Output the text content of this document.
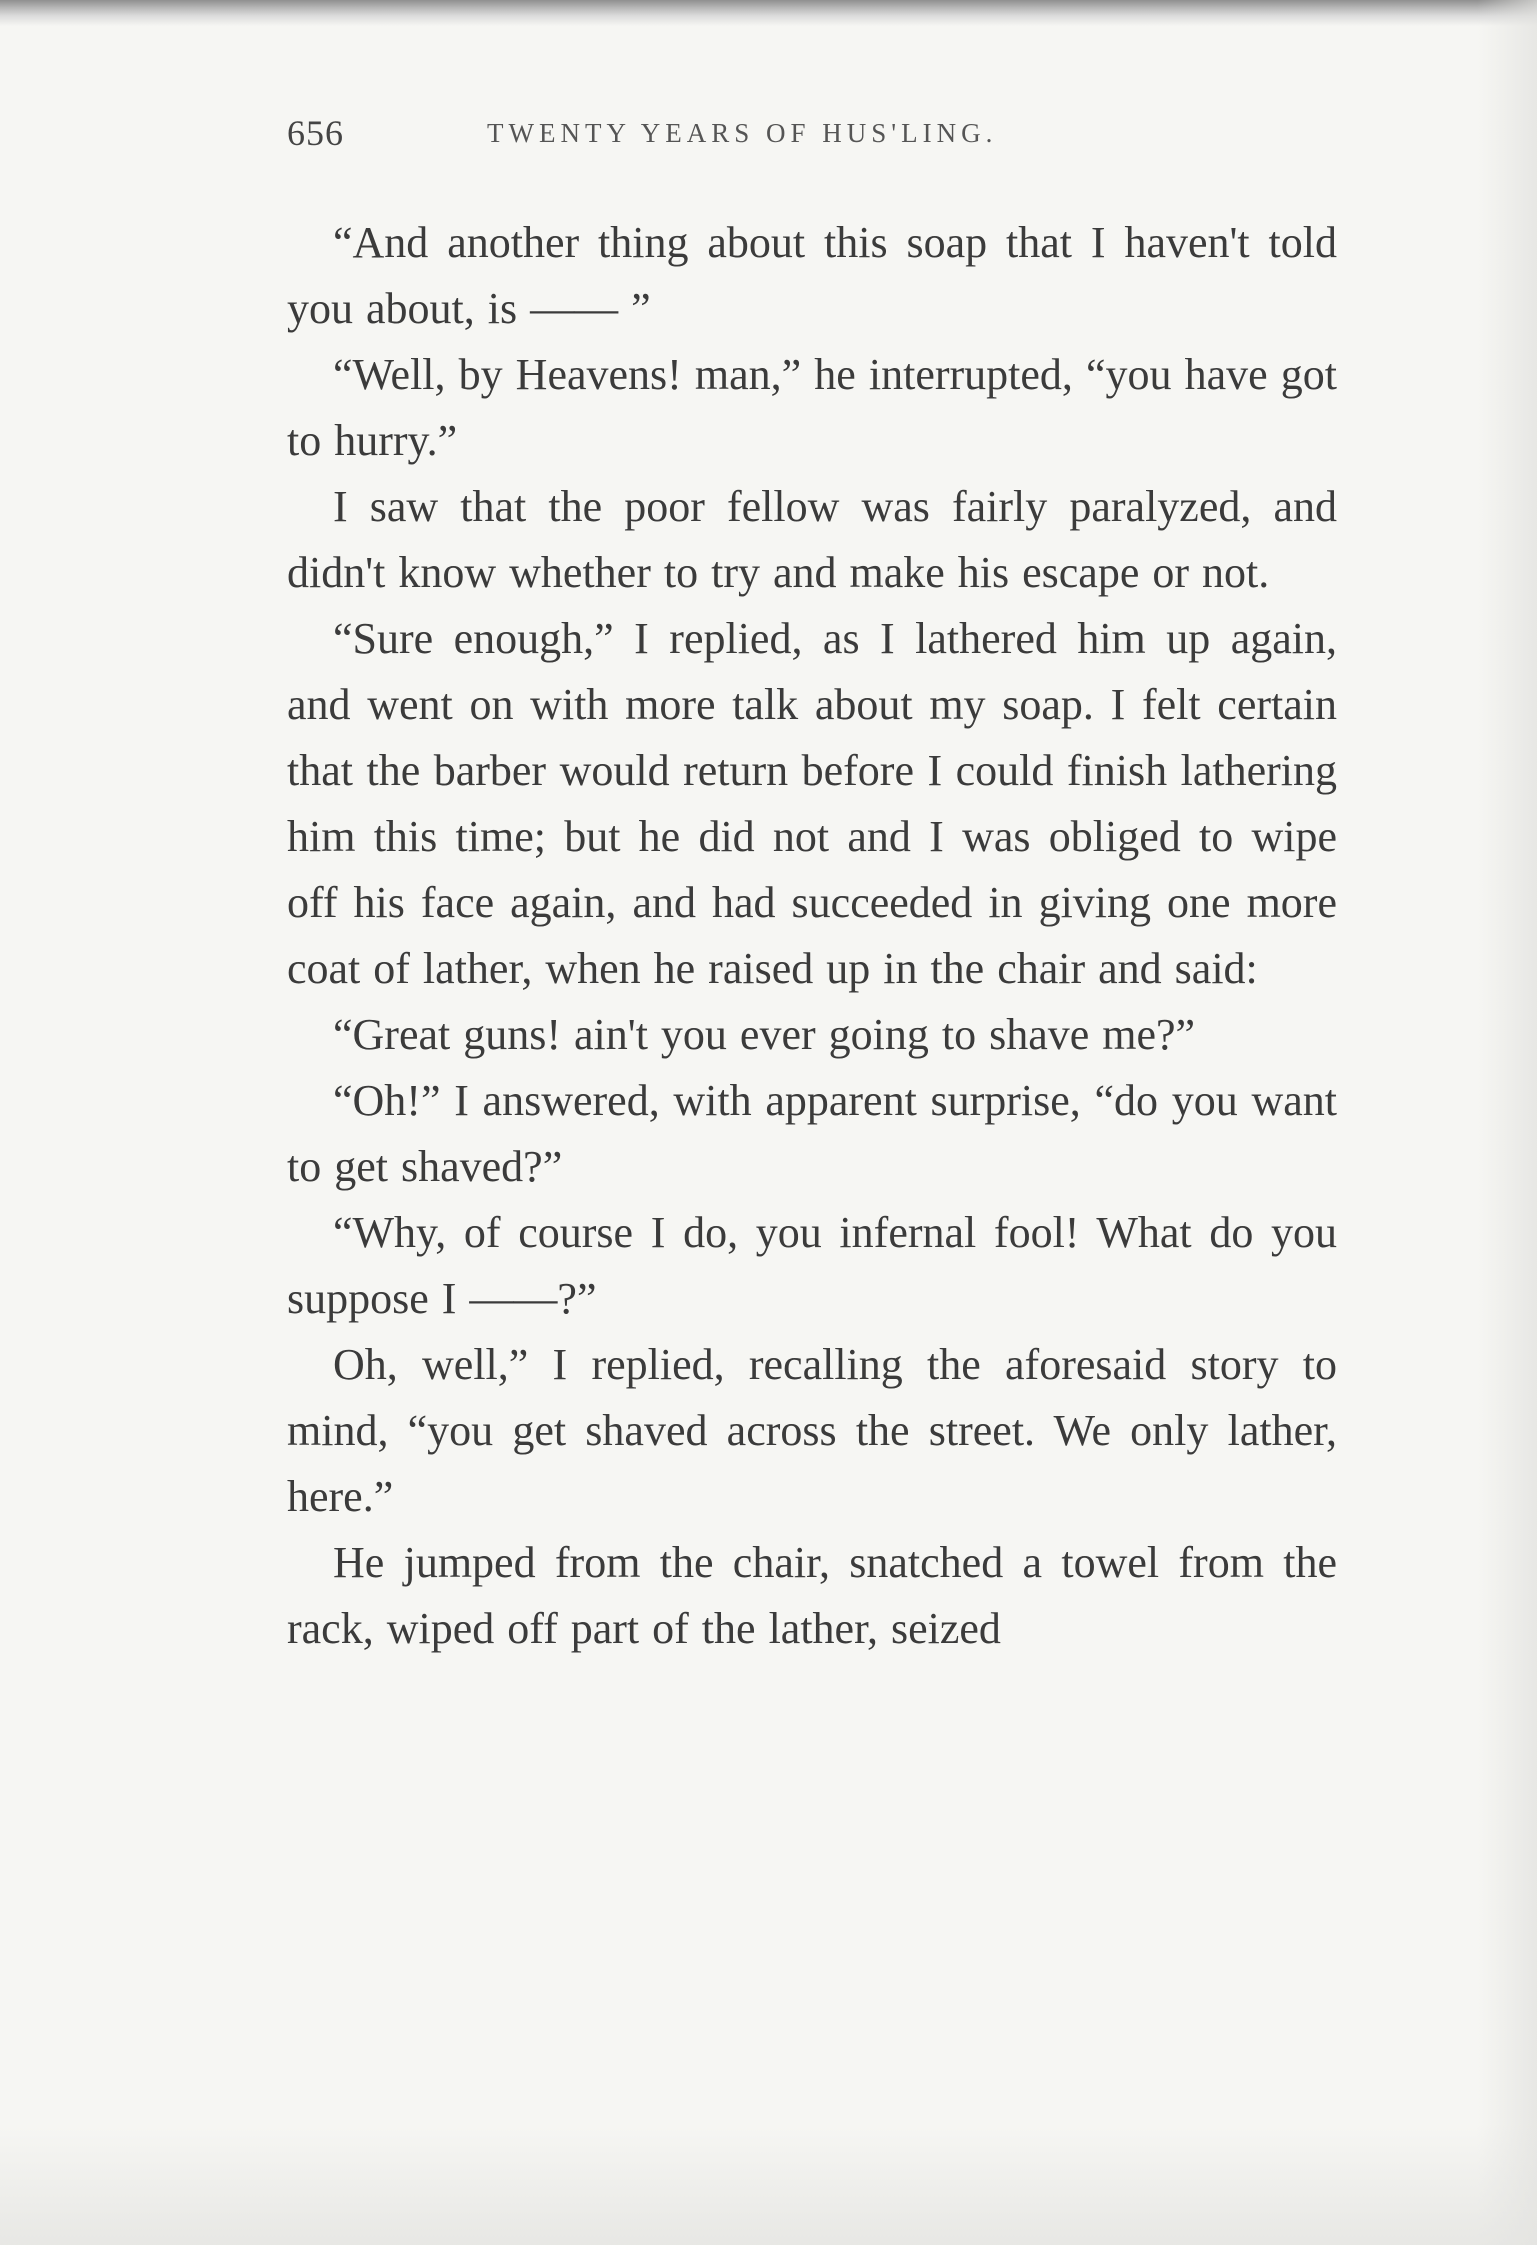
656	TWENTY YEARS OF HUS'LING.

“And another thing about this soap that I haven't told you about, is —— ”

“Well, by Heavens! man,” he interrupted, “you have got to hurry.”

I saw that the poor fellow was fairly paralyzed, and didn't know whether to try and make his escape or not.

“Sure enough,” I replied, as I lathered him up again, and went on with more talk about my soap. I felt certain that the barber would return before I could finish lathering him this time; but he did not and I was obliged to wipe off his face again, and had succeeded in giving one more coat of lather, when he raised up in the chair and said:

“Great guns! ain't you ever going to shave me?”

“Oh!” I answered, with apparent surprise, “do you want to get shaved?”

“Why, of course I do, you infernal fool! What do you suppose I ——?”

Oh, well,” I replied, recalling the aforesaid story to mind, “you get shaved across the street. We only lather, here.”

He jumped from the chair, snatched a towel from the rack, wiped off part of the lather, seized
